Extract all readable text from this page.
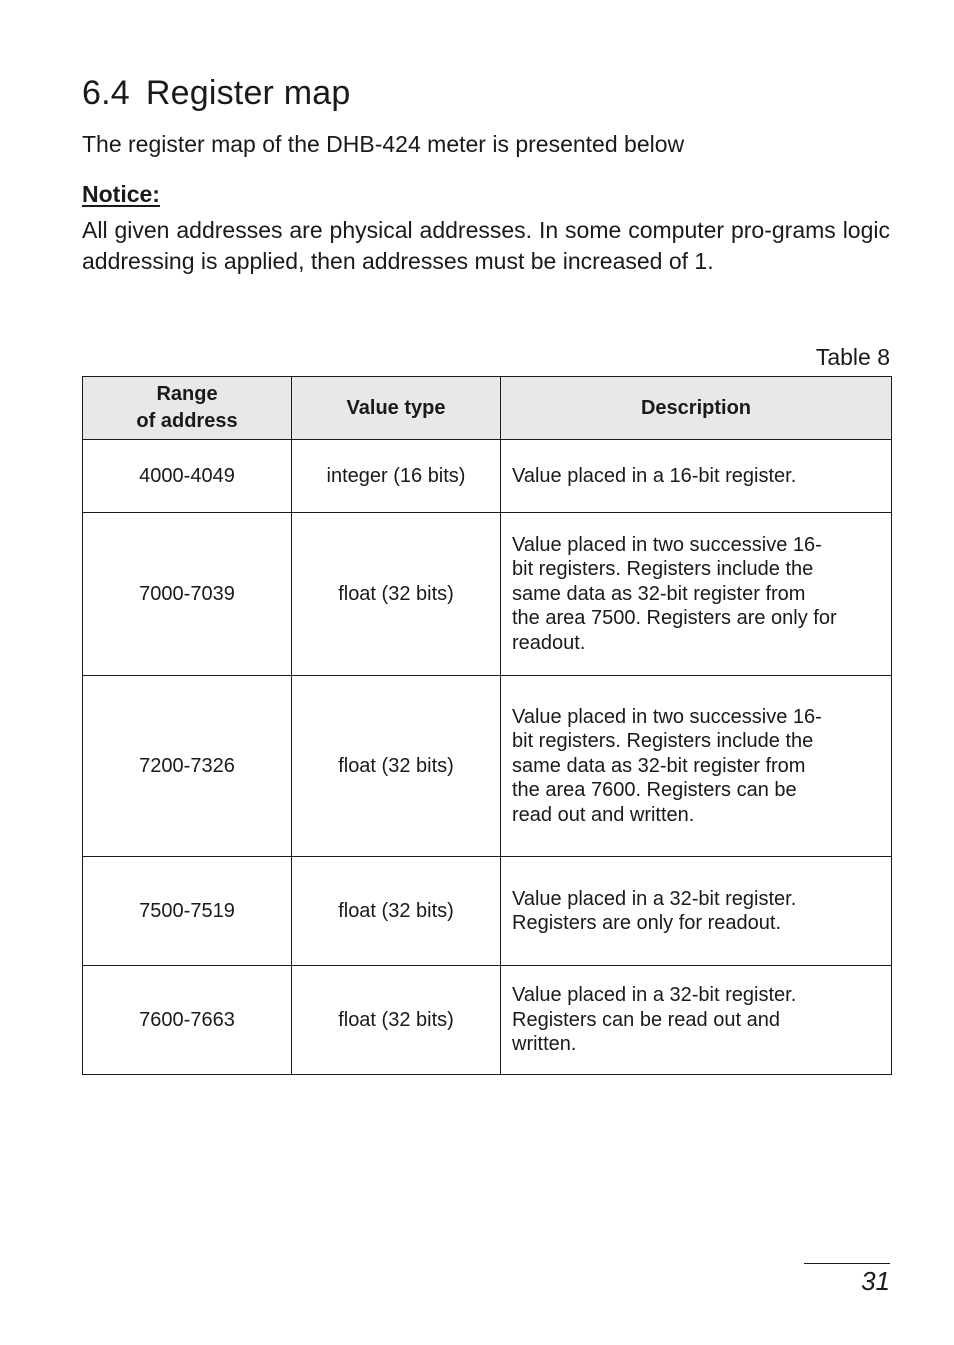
6.4 Register map

The register map of the DHB-424 meter is presented below

Notice:

All given addresses are physical addresses. In some computer pro-grams logic addressing is applied, then addresses must be increased of 1.

Table 8

Range
of address	Value type	Description
4000-4049	integer (16 bits)	Value placed in a 16-bit register.

7000-7039	float (32 bits)	Value placed in two successive 16-
bit registers. Registers include the
same data as 32-bit register from
the area 7500. Registers are only for
readout.

7200-7326	float (32 bits)	Value placed in two successive 16-
bit registers. Registers include the
same data as 32-bit register from
the area 7600. Registers can be
read out and written.

7500-7519	float (32 bits)	Value placed in a 32-bit register.
Registers are only for readout.

7600-7663	float (32 bits)	Value placed in a 32-bit register.
Registers can be read out and
written.

31
